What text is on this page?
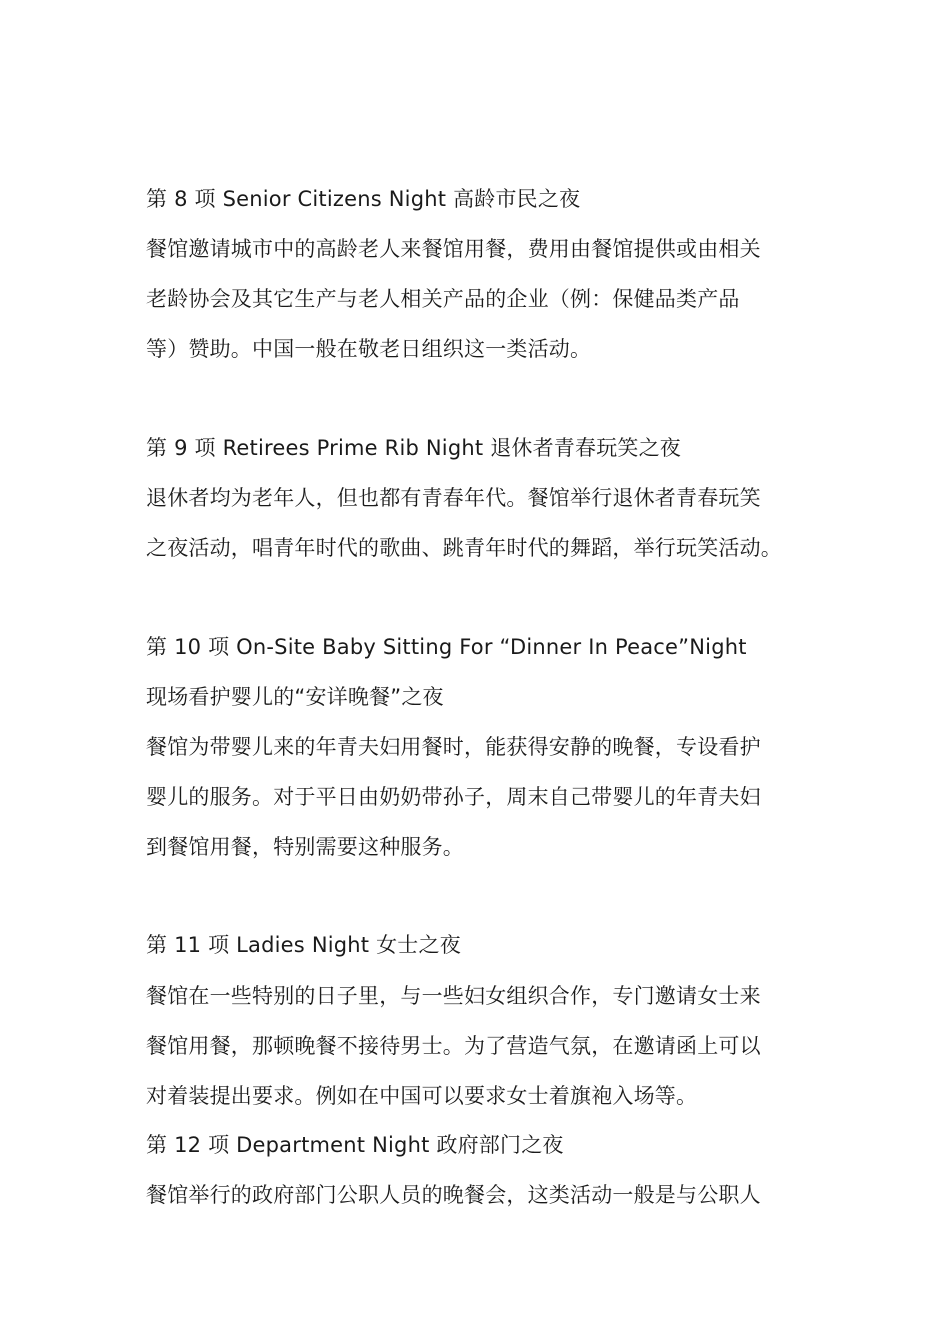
第 8 项 Senior Citizens Night 高龄市民之夜
餐馆邀请城市中的高龄老人来餐馆用餐，费用由餐馆提供或由相关
老龄协会及其它生产与老人相关产品的企业（例：保健品类产品
等）赞助。中国一般在敬老日组织这一类活动。
第 9 项 Retirees Prime Rib Night 退休者青春玩笑之夜
退休者均为老年人，但也都有青春年代。餐馆举行退休者青春玩笑
之夜活动，唱青年时代的歌曲、跳青年时代的舞蹈，举行玩笑活动。
第 10 项 On-Site Baby Sitting For “Dinner In Peace”Night
现场看护婴儿的“安详晚餐”之夜
餐馆为带婴儿来的年青夫妇用餐时，能获得安静的晚餐，专设看护
婴儿的服务。对于平日由奶奶带孙子，周末自己带婴儿的年青夫妇
到餐馆用餐，特别需要这种服务。
第 11 项 Ladies Night 女士之夜
餐馆在一些特别的日子里，与一些妇女组织合作，专门邀请女士来
餐馆用餐，那顿晚餐不接待男士。为了营造气氛，在邀请函上可以
对着装提出要求。例如在中国可以要求女士着旗袍入场等。
第 12 项 Department Night 政府部门之夜
餐馆举行的政府部门公职人员的晚餐会，这类活动一般是与公职人
